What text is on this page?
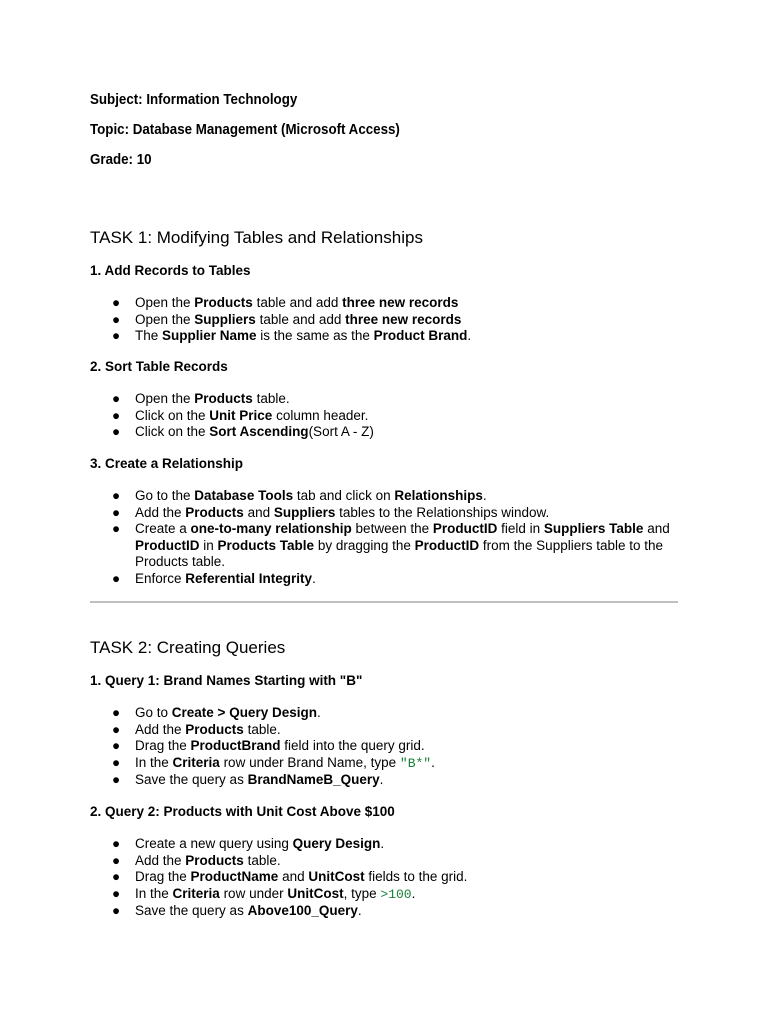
Subject: Information Technology
Topic: Database Management (Microsoft Access)
Grade: 10
TASK 1: Modifying Tables and Relationships
1. Add Records to Tables
● Open the Products table and add three new records
● Open the Suppliers table and add three new records
● The Supplier Name is the same as the Product Brand.
2. Sort Table Records
● Open the Products table.
● Click on the Unit Price column header.
● Click on the Sort Ascending(Sort A - Z)
3. Create a Relationship
● Go to the Database Tools tab and click on Relationships.
● Add the Products and Suppliers tables to the Relationships window.
● Create a one-to-many relationship between the ProductID field in Suppliers Table and ProductID in Products Table by dragging the ProductID from the Suppliers table to the Products table.
● Enforce Referential Integrity.
TASK 2: Creating Queries
1. Query 1: Brand Names Starting with "B"
● Go to Create > Query Design.
● Add the Products table.
● Drag the ProductBrand field into the query grid.
● In the Criteria row under Brand Name, type "B*".
● Save the query as BrandNameB_Query.
2. Query 2: Products with Unit Cost Above $100
● Create a new query using Query Design.
● Add the Products table.
● Drag the ProductName and UnitCost fields to the grid.
● In the Criteria row under UnitCost, type >100.
● Save the query as Above100_Query.
